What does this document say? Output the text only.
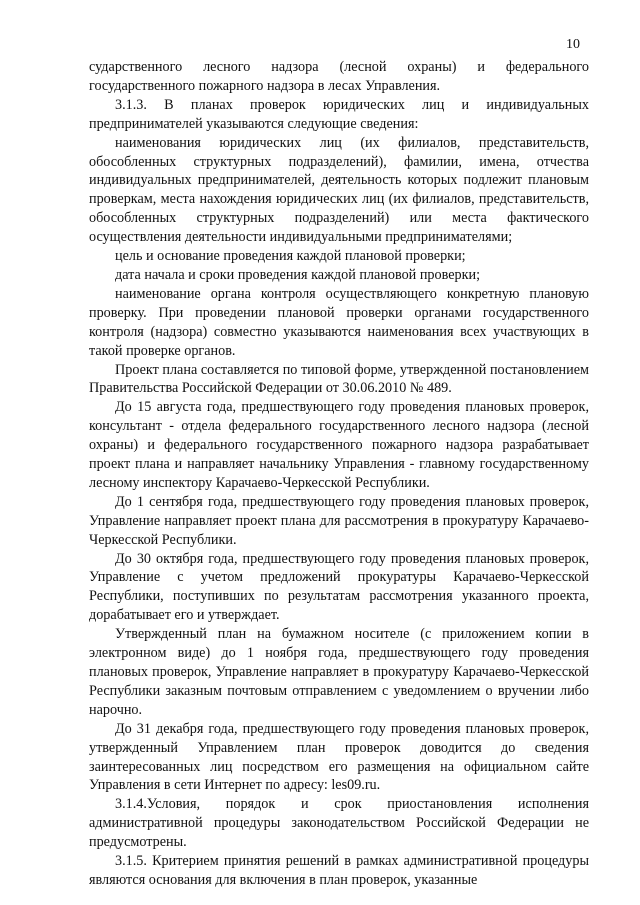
10

сударственного лесного надзора (лесной охраны) и федерального государственного пожарного надзора в лесах Управления.

3.1.3. В планах проверок юридических лиц и индивидуальных предпринимателей указываются следующие сведения:

наименования юридических лиц (их филиалов, представительств, обособленных структурных подразделений), фамилии, имена, отчества индивидуальных предпринимателей, деятельность которых подлежит плановым проверкам, места нахождения юридических лиц (их филиалов, представительств, обособленных структурных подразделений) или места фактического осуществления деятельности индивидуальными предпринимателями;

цель и основание проведения каждой плановой проверки;

дата начала и сроки проведения каждой плановой проверки;

наименование органа контроля осуществляющего конкретную плановую проверку. При проведении плановой проверки органами государственного контроля (надзора) совместно указываются наименования всех участвующих в такой проверке органов.

Проект плана составляется по типовой форме, утвержденной постановлением Правительства Российской Федерации от 30.06.2010 № 489.

До 15 августа года, предшествующего году проведения плановых проверок, консультант - отдела федерального государственного лесного надзора (лесной охраны) и федерального государственного пожарного надзора разрабатывает проект плана и направляет начальнику Управления - главному государственному лесному инспектору Карачаево-Черкесской Республики.

До 1 сентября года, предшествующего году проведения плановых проверок, Управление направляет проект плана для рассмотрения в прокуратуру Карачаево-Черкесской Республики.

До 30 октября года, предшествующего году проведения плановых проверок, Управление с учетом предложений прокуратуры Карачаево-Черкесской Республики, поступивших по результатам рассмотрения указанного проекта, дорабатывает его и утверждает.

Утвержденный план на бумажном носителе (с приложением копии в электронном виде) до 1 ноября года, предшествующего году проведения плановых проверок, Управление направляет в прокуратуру Карачаево-Черкесской Республики заказным почтовым отправлением с уведомлением о вручении либо нарочно.

До 31 декабря года, предшествующего году проведения плановых проверок, утвержденный Управлением план проверок доводится до сведения заинтересованных лиц посредством его размещения на официальном сайте Управления в сети Интернет по адресу: les09.ru.

3.1.4.Условия, порядок и срок приостановления исполнения административной процедуры законодательством Российской Федерации не предусмотрены.

3.1.5. Критерием принятия решений в рамках административной процедуры являются основания для включения в план проверок, указанные
